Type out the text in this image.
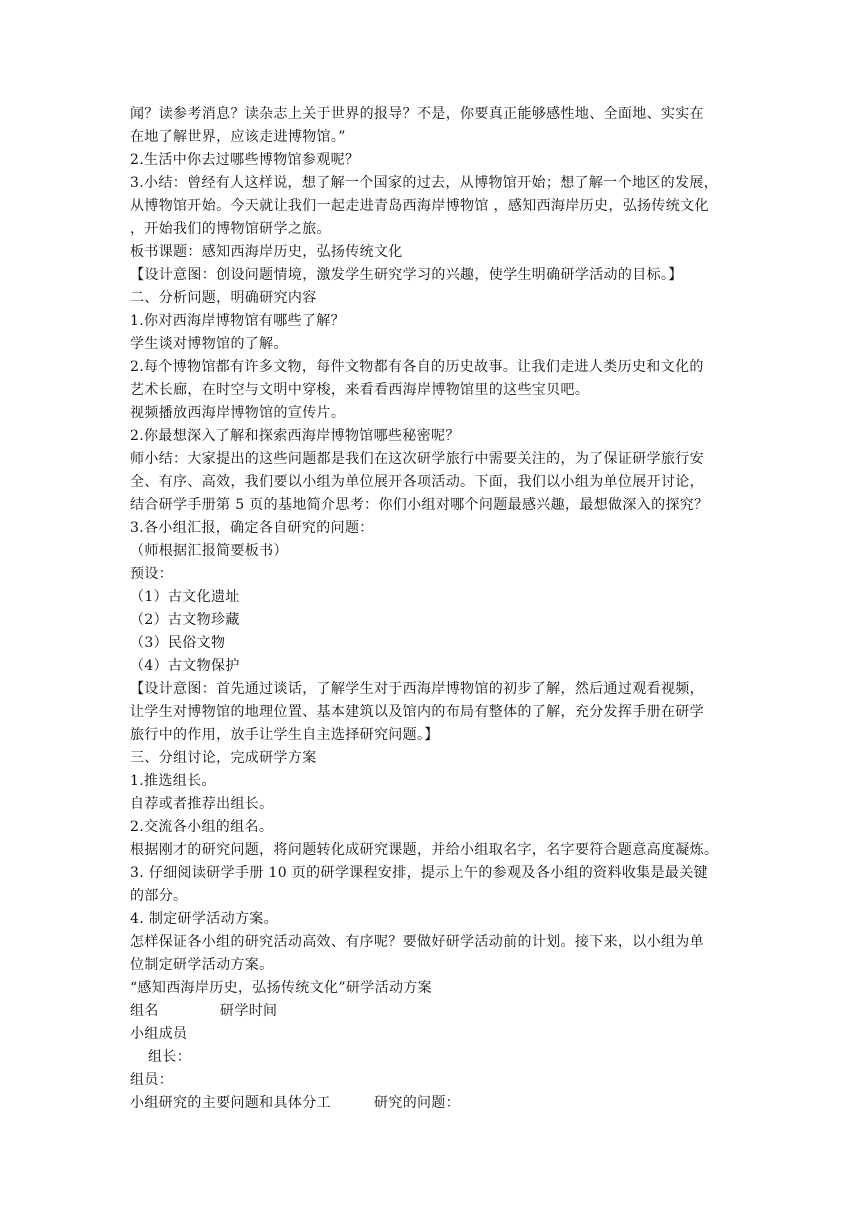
闻？读参考消息？读杂志上关于世界的报导？不是，你要真正能够感性地、全面地、实实在

在地了解世界，应该走进博物馆。”

2.生活中你去过哪些博物馆参观呢？

3.小结：曾经有人这样说，想了解一个国家的过去，从博物馆开始；想了解一个地区的发展，

从博物馆开始。今天就让我们一起走进青岛西海岸博物馆 ，感知西海岸历史，弘扬传统文化

，开始我们的博物馆研学之旅。

板书课题：感知西海岸历史，弘扬传统文化

【设计意图：创设问题情境，激发学生研究学习的兴趣，使学生明确研学活动的目标。】

二、分析问题，明确研究内容

1.你对西海岸博物馆有哪些了解？

学生谈对博物馆的了解。

2.每个博物馆都有许多文物，每件文物都有各自的历史故事。让我们走进人类历史和文化的

艺术长廊，在时空与文明中穿梭，来看看西海岸博物馆里的这些宝贝吧。

视频播放西海岸博物馆的宣传片。

2.你最想深入了解和探索西海岸博物馆哪些秘密呢？

师小结：大家提出的这些问题都是我们在这次研学旅行中需要关注的，为了保证研学旅行安

全、有序、高效，我们要以小组为单位展开各项活动。下面，我们以小组为单位展开讨论，

结合研学手册第 5 页的基地简介思考：你们小组对哪个问题最感兴趣，最想做深入的探究？

3.各小组汇报，确定各自研究的问题：

（师根据汇报简要板书）

预设：

（1）古文化遗址

（2）古文物珍藏

（3）民俗文物

（4）古文物保护

【设计意图：首先通过谈话，了解学生对于西海岸博物馆的初步了解，然后通过观看视频，

让学生对博物馆的地理位置、基本建筑以及馆内的布局有整体的了解，充分发挥手册在研学

旅行中的作用，放手让学生自主选择研究问题。】

三、分组讨论，完成研学方案

1.推选组长。

自荐或者推荐出组长。

2.交流各小组的组名。

根据刚才的研究问题，将问题转化成研究课题，并给小组取名字，名字要符合题意高度凝炼。

3. 仔细阅读研学手册 10 页的研学课程安排，提示上午的参观及各小组的资料收集是最关键

的部分。

4. 制定研学活动方案。

怎样保证各小组的研究活动高效、有序呢？要做好研学活动前的计划。接下来，以小组为单

位制定研学活动方案。

“感知西海岸历史，弘扬传统文化”研学活动方案

组名	研学时间

小组成员

组长：

组员：

小组研究的主要问题和具体分工	研究的问题：
